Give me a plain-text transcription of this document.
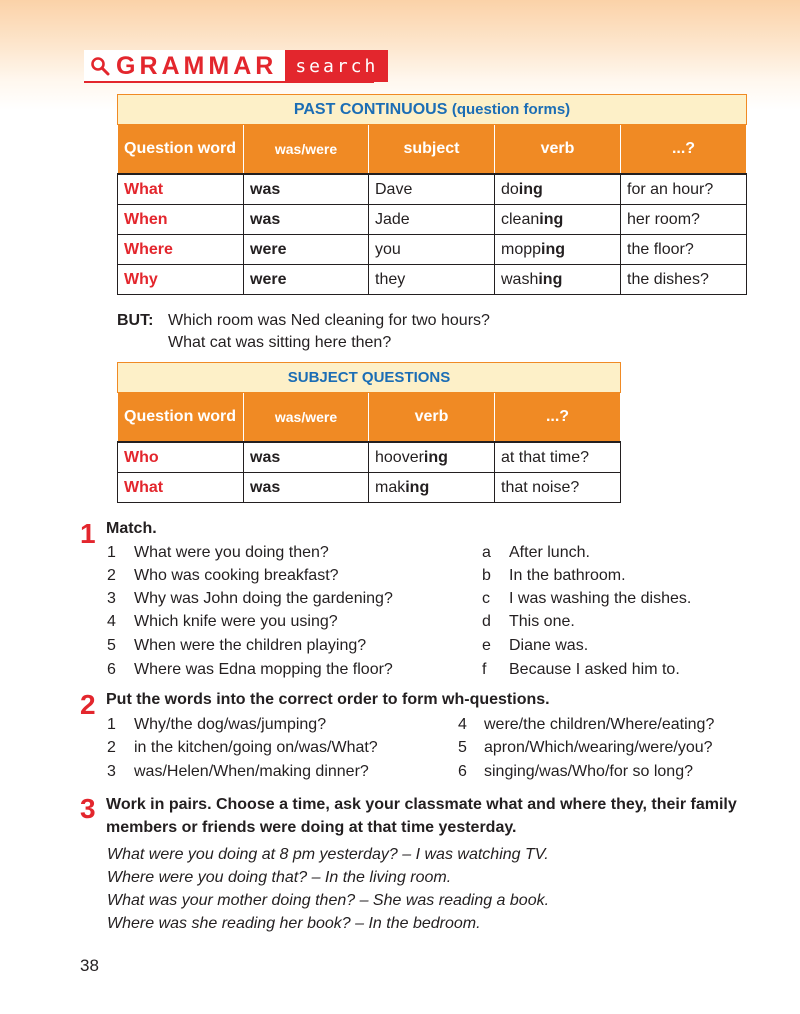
GRAMMAR	search
PAST CONTINUOUS (question forms)				
Question word	was/were	subject	verb	...?
What	was	Dave	doing	for an hour?
When	was	Jade	cleaning	her room?
Where	were	you	mopping	the floor?
Why	were	they	washing	the dishes?
BUT: Which room was Ned cleaning for two hours?
What cat was sitting here then?
SUBJECT QUESTIONS			
Question word	was/were	verb	...?
Who	was	hoovering	at that time?
What	was	making	that noise?
1 Match.
1 What were you doing then?
2 Who was cooking breakfast?
3 Why was John doing the gardening?
4 Which knife were you using?
5 When were the children playing?
6 Where was Edna mopping the floor?
a After lunch.
b In the bathroom.
c I was washing the dishes.
d This one.
e Diane was.
f Because I asked him to.
2 Put the words into the correct order to form wh-questions.
1 Why/the dog/was/jumping?
2 in the kitchen/going on/was/What?
3 was/Helen/When/making dinner?
4 were/the children/Where/eating?
5 apron/Which/wearing/were/you?
6 singing/was/Who/for so long?
3 Work in pairs. Choose a time, ask your classmate what and where they, their family
members or friends were doing at that time yesterday.
What were you doing at 8 pm yesterday? – I was watching TV.
Where were you doing that? – In the living room.
What was your mother doing then? – She was reading a book.
Where was she reading her book? – In the bedroom.
38
